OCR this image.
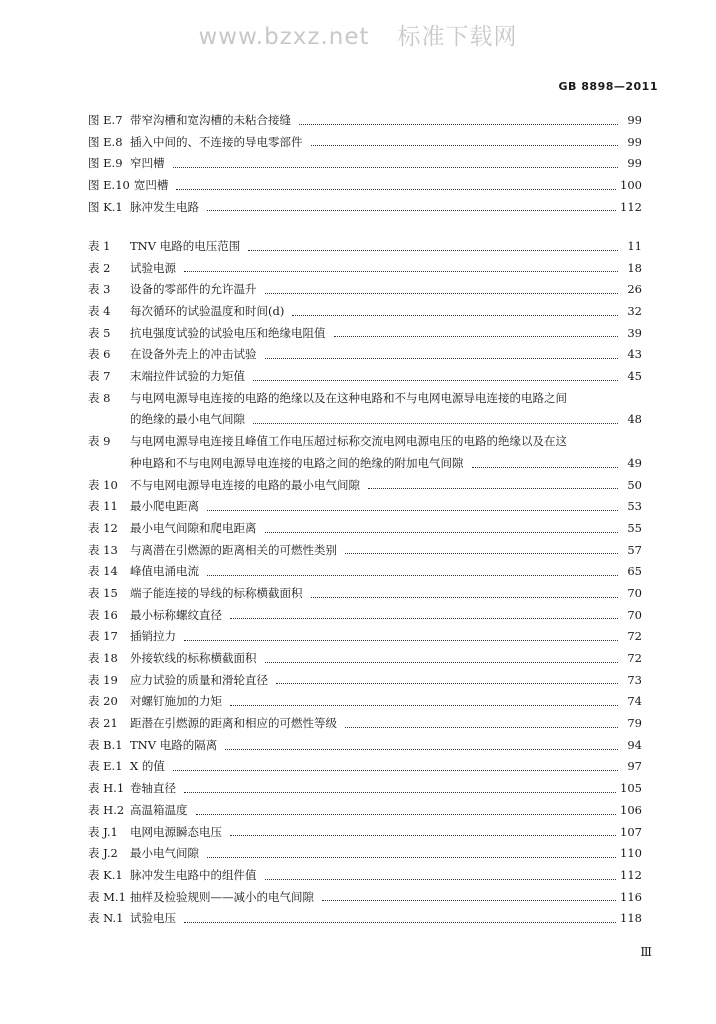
www.bzxz.net 标准下载网
GB 8898—2011
图 E.7 带窄沟槽和宽沟槽的未粘合接缝	99
图 E.8 插入中间的、不连接的导电零部件	99
图 E.9 窄凹槽	99
图 E.10 宽凹槽	100
图 K.1 脉冲发生电路	112
表 1	TNV 电路的电压范围	11
表 2	试验电源	18
表 3	设备的零部件的允许温升	26
表 4	每次循环的试验温度和时间(d)	32
表 5	抗电强度试验的试验电压和绝缘电阻值	39
表 6	在设备外壳上的冲击试验	43
表 7	末端拉件试验的力矩值	45
表 8	与电网电源导电连接的电路的绝缘以及在这种电路和不与电网电源导电连接的电路之间
的绝缘的最小电气间隙	48
表 9	与电网电源导电连接且峰值工作电压超过标称交流电网电源电压的电路的绝缘以及在这
种电路和不与电网电源导电连接的电路之间的绝缘的附加电气间隙	49
表 10	不与电网电源导电连接的电路的最小电气间隙	50
表 11	最小爬电距离	53
表 12	最小电气间隙和爬电距离	55
表 13	与离潜在引燃源的距离相关的可燃性类别	57
表 14	峰值电涌电流	65
表 15	端子能连接的导线的标称横截面积	70
表 16	最小标称螺纹直径	70
表 17	插销拉力	72
表 18	外接软线的标称横截面积	72
表 19	应力试验的质量和滑轮直径	73
表 20	对螺钉施加的力矩	74
表 21	距潜在引燃源的距离和相应的可燃性等级	79
表 B.1 TNV 电路的隔离	94
表 E.1 X 的值	97
表 H.1 卷轴直径	105
表 H.2 高温箱温度	106
表 J.1	电网电源瞬态电压	107
表 J.2	最小电气间隙	110
表 K.1 脉冲发生电路中的组件值	112
表 M.1 抽样及检验规则——减小的电气间隙	116
表 N.1 试验电压	118
Ⅲ
